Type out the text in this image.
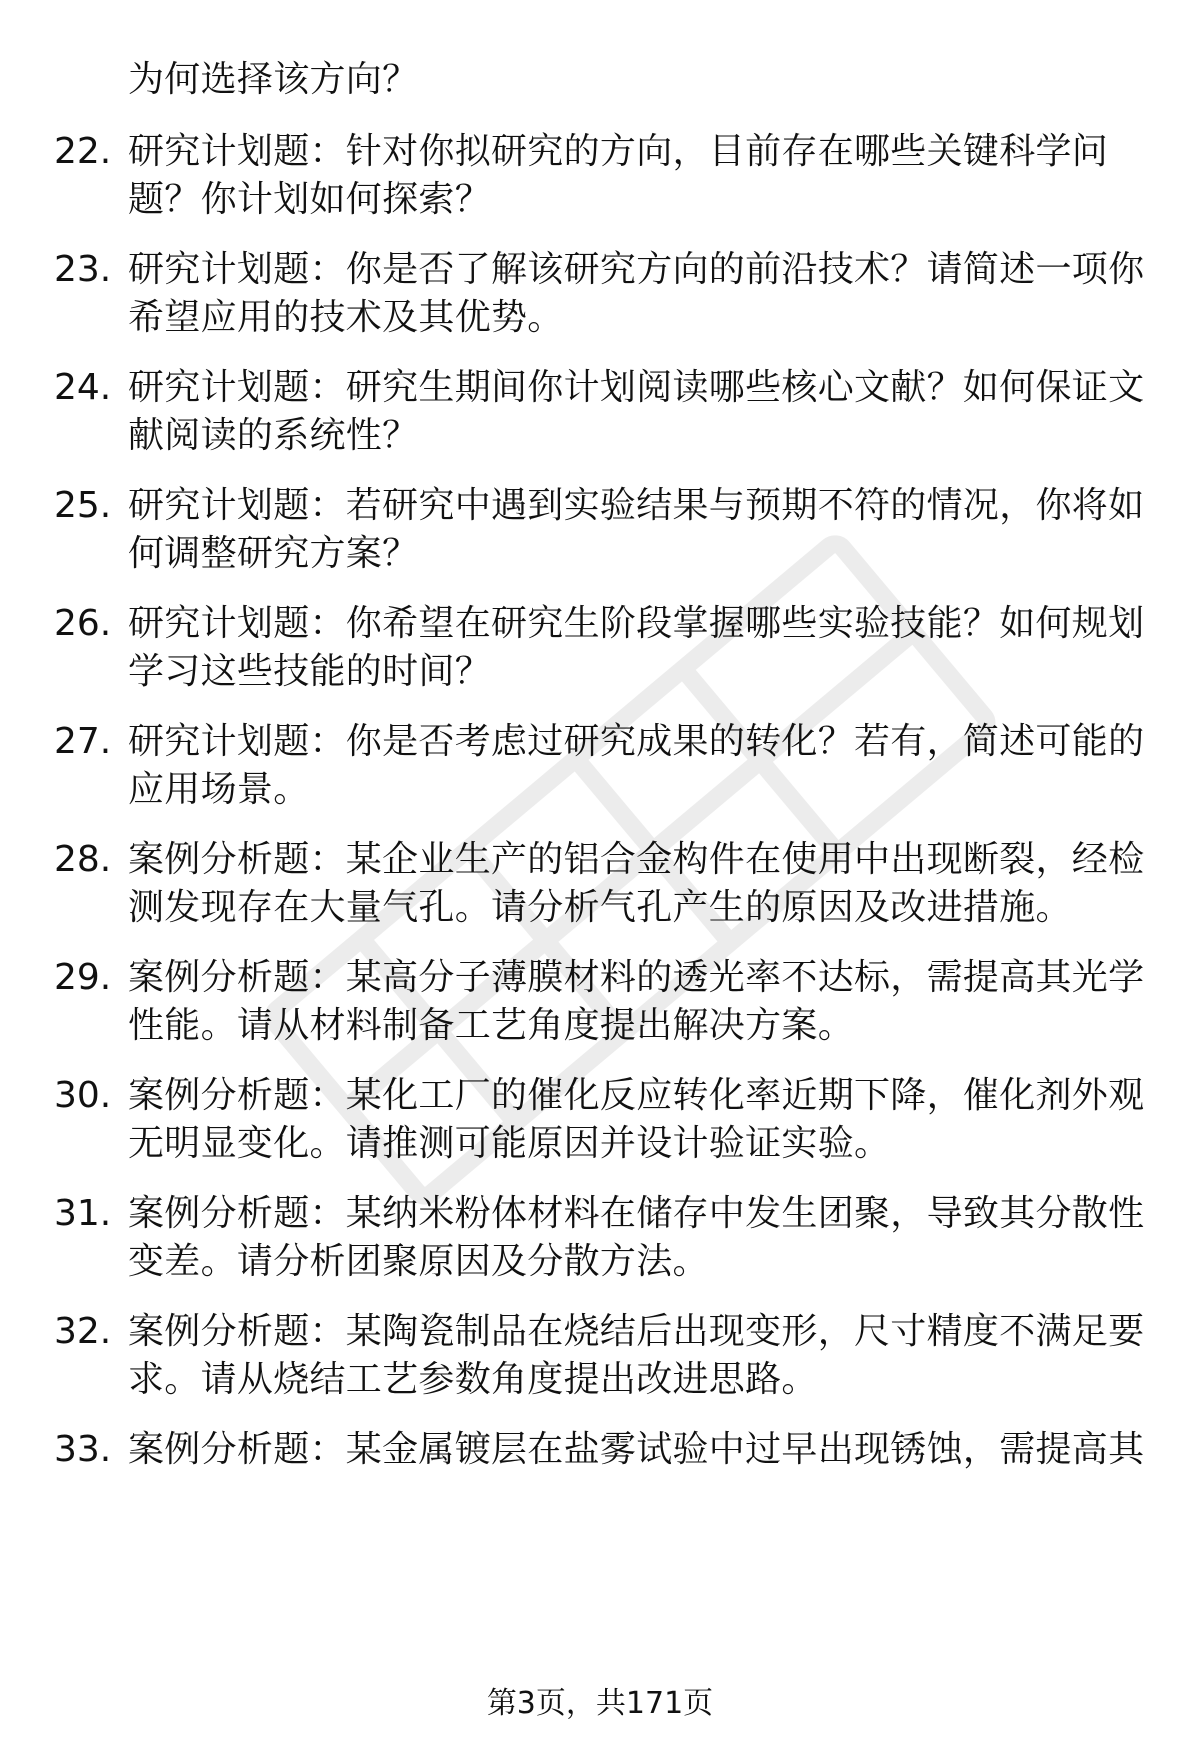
为何选择该方向？
22. 研究计划题：针对你拟研究的方向，目前存在哪些关键科学问
题？你计划如何探索？
23. 研究计划题：你是否了解该研究方向的前沿技术？请简述一项你
希望应用的技术及其优势。
24. 研究计划题：研究生期间你计划阅读哪些核心文献？如何保证文
献阅读的系统性？
25. 研究计划题：若研究中遇到实验结果与预期不符的情况，你将如
何调整研究方案？
26. 研究计划题：你希望在研究生阶段掌握哪些实验技能？如何规划
学习这些技能的时间？
27. 研究计划题：你是否考虑过研究成果的转化？若有，简述可能的
应用场景。
28. 案例分析题：某企业生产的铝合金构件在使用中出现断裂，经检
测发现存在大量气孔。请分析气孔产生的原因及改进措施。
29. 案例分析题：某高分子薄膜材料的透光率不达标，需提高其光学
性能。请从材料制备工艺角度提出解决方案。
30. 案例分析题：某化工厂的催化反应转化率近期下降，催化剂外观
无明显变化。请推测可能原因并设计验证实验。
31. 案例分析题：某纳米粉体材料在储存中发生团聚，导致其分散性
变差。请分析团聚原因及分散方法。
32. 案例分析题：某陶瓷制品在烧结后出现变形，尺寸精度不满足要
求。请从烧结工艺参数角度提出改进思路。
33. 案例分析题：某金属镀层在盐雾试验中过早出现锈蚀，需提高其
第3页，共171页
